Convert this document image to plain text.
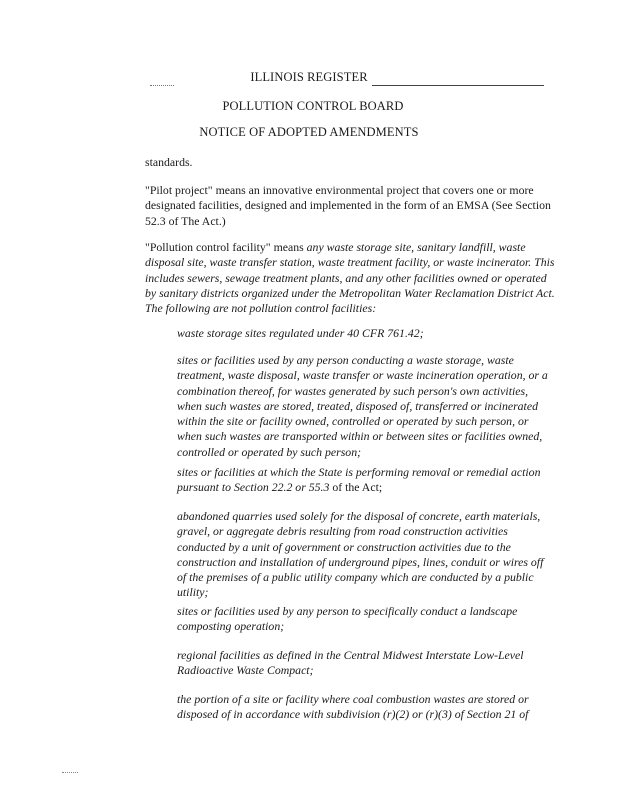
ILLINOIS REGISTER
POLLUTION CONTROL BOARD
NOTICE OF ADOPTED AMENDMENTS

standards.

"Pilot project" means an innovative environmental project that covers one or more designated facilities, designed and implemented in the form of an EMSA (See Section 52.3 of The Act.)

"Pollution control facility" means any waste storage site, sanitary landfill, waste disposal site, waste transfer station, waste treatment facility, or waste incinerator. This includes sewers, sewage treatment plants, and any other facilities owned or operated by sanitary districts organized under the Metropolitan Water Reclamation District Act. The following are not pollution control facilities:

waste storage sites regulated under 40 CFR 761.42;

sites or facilities used by any person conducting a waste storage, waste treatment, waste disposal, waste transfer or waste incineration operation, or a combination thereof, for wastes generated by such person's own activities, when such wastes are stored, treated, disposed of, transferred or incinerated within the site or facility owned, controlled or operated by such person, or when such wastes are transported within or between sites or facilities owned, controlled or operated by such person;

sites or facilities at which the State is performing removal or remedial action pursuant to Section 22.2 or 55.3 of the Act;

abandoned quarries used solely for the disposal of concrete, earth materials, gravel, or aggregate debris resulting from road construction activities conducted by a unit of government or construction activities due to the construction and installation of underground pipes, lines, conduit or wires off of the premises of a public utility company which are conducted by a public utility;

sites or facilities used by any person to specifically conduct a landscape composting operation;

regional facilities as defined in the Central Midwest Interstate Low-Level Radioactive Waste Compact;

the portion of a site or facility where coal combustion wastes are stored or disposed of in accordance with subdivision (r)(2) or (r)(3) of Section 21 of
